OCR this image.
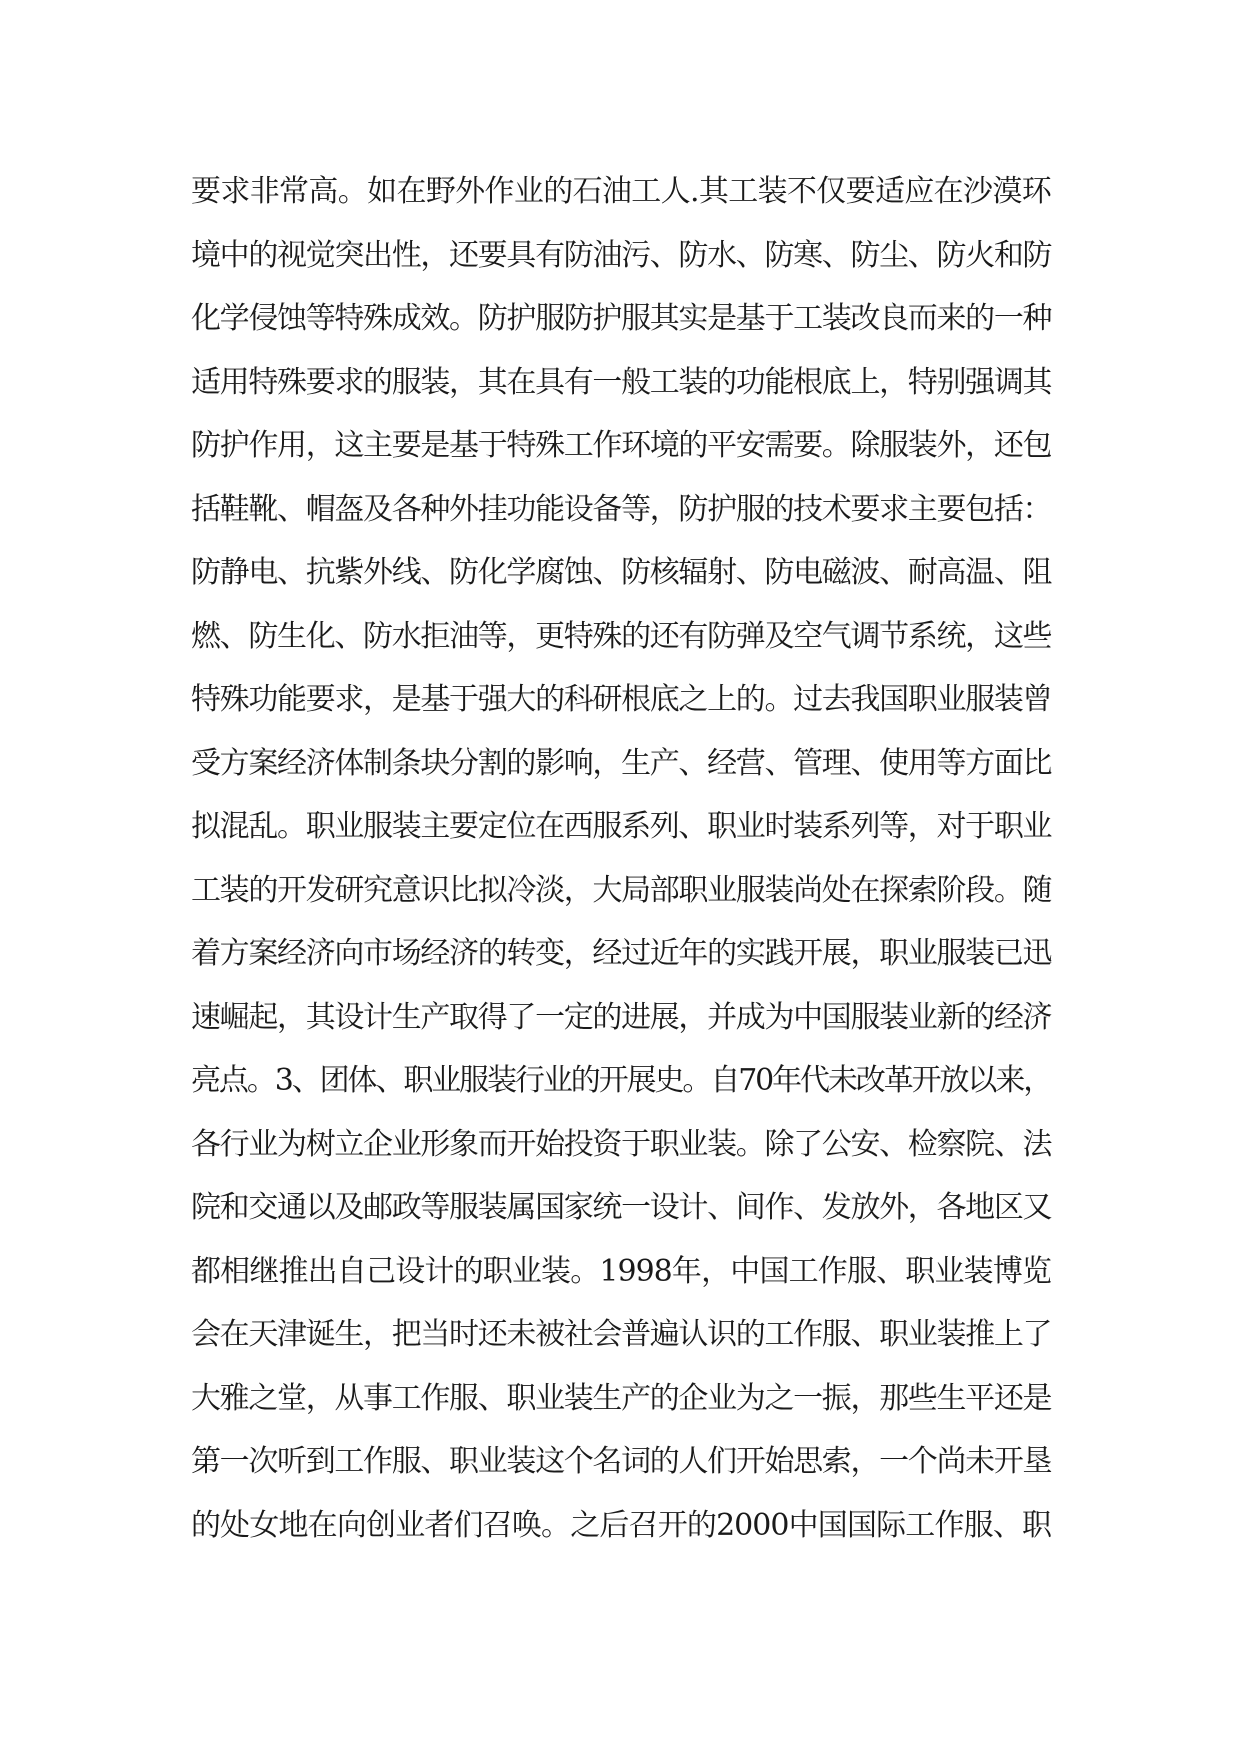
要求非常高。如在野外作业的石油工人.其工装不仅要适应在沙漠环
境中的视觉突出性，还要具有防油污、防水、防寒、防尘、防火和防
化学侵蚀等特殊成效。防护服防护服其实是基于工装改良而来的一种
适用特殊要求的服装，其在具有一般工装的功能根底上，特别强调其
防护作用，这主要是基于特殊工作环境的平安需要。除服装外，还包
括鞋靴、帽盔及各种外挂功能设备等，防护服的技术要求主要包括：
防静电、抗紫外线、防化学腐蚀、防核辐射、防电磁波、耐高温、阻
燃、防生化、防水拒油等，更特殊的还有防弹及空气调节系统，这些
特殊功能要求，是基于强大的科研根底之上的。过去我国职业服装曾
受方案经济体制条块分割的影响，生产、经营、管理、使用等方面比
拟混乱。职业服装主要定位在西服系列、职业时装系列等，对于职业
工装的开发研究意识比拟冷淡，大局部职业服装尚处在探索阶段。随
着方案经济向市场经济的转变，经过近年的实践开展，职业服装已迅
速崛起，其设计生产取得了一定的进展，并成为中国服装业新的经济
亮点。3、团体、职业服装行业的开展史。自70年代未改革开放以来，
各行业为树立企业形象而开始投资于职业装。除了公安、检察院、法
院和交通以及邮政等服装属国家统一设计、间作、发放外，各地区又
都相继推出自己设计的职业装。1998年，中国工作服、职业装博览
会在天津诞生，把当时还未被社会普遍认识的工作服、职业装推上了
大雅之堂，从事工作服、职业装生产的企业为之一振，那些生平还是
第一次听到工作服、职业装这个名词的人们开始思索，一个尚未开垦
的处女地在向创业者们召唤。之后召开的2000中国国际工作服、职
